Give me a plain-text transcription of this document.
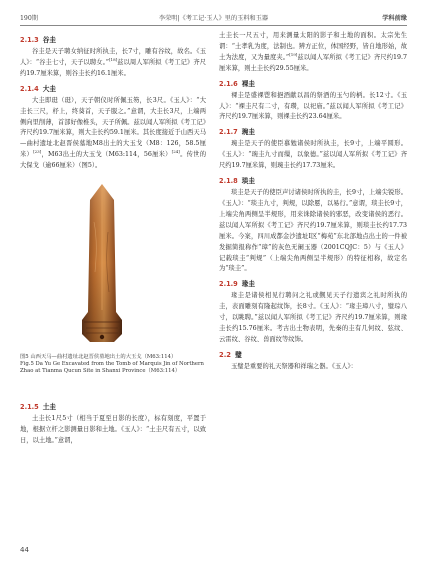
190期	李荣明|《考工记·玉人》里的玉料和玉器	学科前缘
2.1.3 谷圭

谷圭是天子聘女纳征时所执圭，长7寸，雕有谷纹，故名。《玉人》：“谷圭七寸，天子以聘女。”[18]兹以周人军所拟《考工记》齐尺约19.7厘米算，则谷圭长约16.1厘米。

2.1.4 大圭

大圭即珽（珽），天子朝仪时所佩玉笏，长3尺。《玉人》：“大圭长三尺，杼上，终葵首，天子服之。”意谓，大圭长3尺，上端两侧向里削薄，首部好像椎头，天子所佩。兹以闻人军所拟《考工记》齐尺约19.7厘米算，则大圭长约59.1厘米。其长度接近于山西天马—曲村遗址北赵晋侯墓地M8出土的大玉戈（M8：126，58.5厘米）[23]，M63出土的大玉戈（M63:114，56厘米）[24]。传世的大保戈（逾66厘米）（图5）。

图5 山西天马—曲村遗址北赵晋侯墓地出土的大玉戈（M63:114）
Fig.5 Da Yu Ge Excavated from the Tomb of Marquis Jin of Northern Zhao at Tianma Qucun Site in Shanxi Province（M63:114）
2.1.5 土圭

土圭长1尺5寸（相当于夏至日影的长度），标有刻度，平置于地，根据立杆之影测量日影和土地。《玉人》：“土圭尺有五寸，以致日，以土地。”意谓，

土圭长一尺五寸，用来测量太阳的影子和土地的面积。太宗先生谓：“土孝乳为度，法制也。辨方正位，体国经野，皆自地形始，故土为法度，又为量度夹。”[19]兹以闻人军所拟《考工记》齐尺约19.7厘米算，则土圭长约29.55厘米。

2.1.6 裸圭

裸圭是盛裸鬯和挹酒献以昌的祭酒的玉勺的柄。长12寸。《玉人》：“裸圭尺有二寸，有瓒，以祀庙。”兹以闻人军所拟《考工记》齐尺约19.7厘米算，则裸圭长约23.64厘米。

2.1.7 琬圭

琬圭是天子的使臣慕勉诸侯时所执圭，长9寸，上端平圆形。《玉人》：“琬圭九寸而缫，以象德。”兹以闻人军所拟《考工记》齐尺约19.7厘米算，则琬圭长约17.73厘米。

2.1.8 琰圭

琰圭是天子的使臣声讨诸侯时所执的圭，长9寸，上端尖锐形。《玉人》：“琰圭九寸，判规，以除慝，以易行。”意谓，琰圭长9寸，上端尖角两侧呈半规形，用来诛除诸侯的邪恶，改变诸侯的恶行。兹以闻人军所拟《考工记》齐尺约19.7厘米算，则琰圭长约17.73厘米。今案，四川成都金沙遗址I区“梅苑”东北部地点出土的一件被发掘简报称作“璋”的灰色无阑玉器（2001CQJC：5）与《玉人》记载琰圭“判规”（上端尖角两侧呈半规形）的特征相称，故定名为“琰圭”。

2.1.9 瑑圭

瑑圭是诸侯相见行聘问之礼或觐见天子行遗宾之礼时所执的圭，表面雕刻有隆起纹饰，长8寸。《玉人》：“瑑圭璋八寸，璧琮八寸，以眺聘。”兹以闻人军所拟《考工记》齐尺约19.7厘米算，则瑑圭长约15.76厘米。考古出土物表明，先秦的圭有几何纹、弦纹、云雷纹、谷纹、兽面纹等纹饰。

2.2 璧

玉璧是重要的礼天祭器和祥瑞之器。《玉人》：

44
